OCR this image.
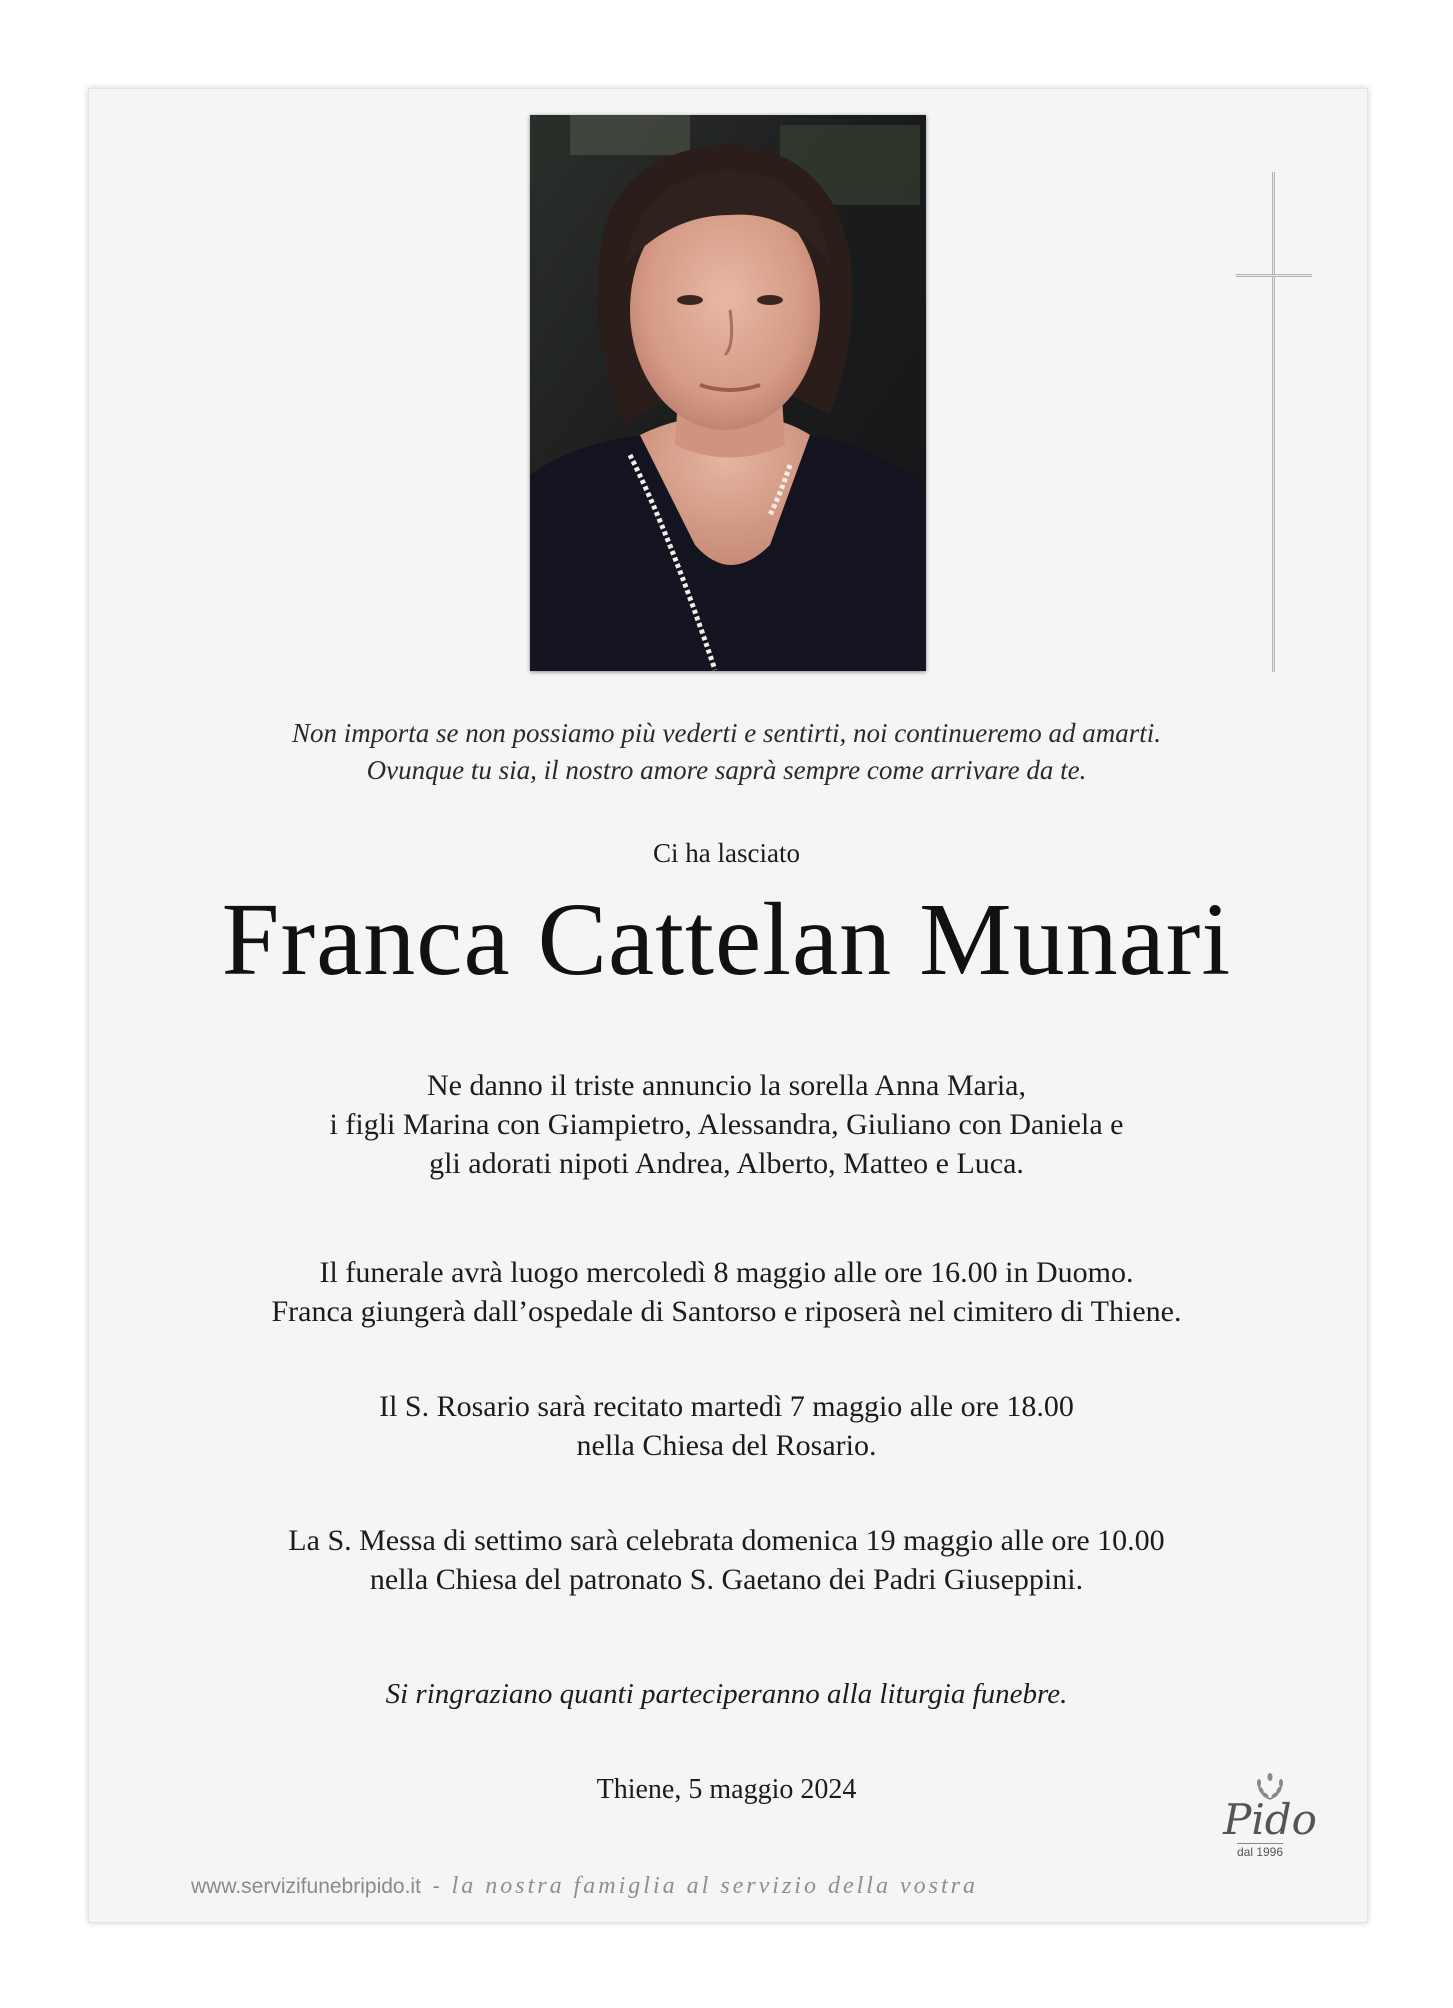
Non importa se non possiamo più vederti e sentirti, noi continueremo ad amarti.
Ovunque tu sia, il nostro amore saprà sempre come arrivare da te.
Ci ha lasciato
Franca Cattelan Munari
Ne danno il triste annuncio la sorella Anna Maria,
i figli Marina con Giampietro, Alessandra, Giuliano con Daniela e
gli adorati nipoti Andrea, Alberto, Matteo e Luca.
Il funerale avrà luogo mercoledì 8 maggio alle ore 16.00 in Duomo.
Franca giungerà dall’ospedale di Santorso e riposerà nel cimitero di Thiene.
Il S. Rosario sarà recitato martedì 7 maggio alle ore 18.00
nella Chiesa del Rosario.
La S. Messa di settimo sarà celebrata domenica 19 maggio alle ore 10.00
nella Chiesa del patronato S. Gaetano dei Padri Giuseppini.
Si ringraziano quanti parteciperanno alla liturgia funebre.
Thiene, 5 maggio 2024
www.servizifunebripido.it - la nostra famiglia al servizio della vostra
Pido
dal 1996
